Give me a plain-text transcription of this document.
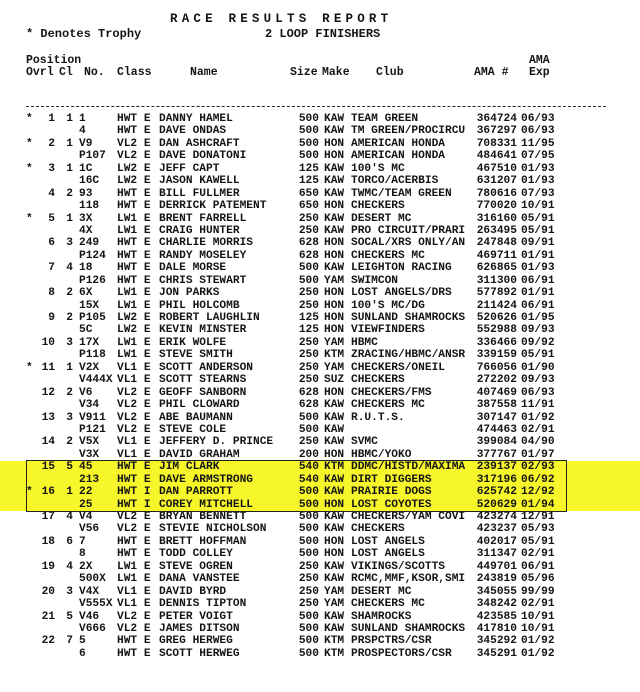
RACE RESULTS REPORT
* Denotes Trophy	2 LOOP FINISHERS
Position	AMA
Ovrl Cl No. Class	Name	Size Make Club	AMA # Exp
*	1	1 1	HWT E DANNY HAMEL	500 KAW TEAM GREEN	364724 06/93
4	HWT E DAVE ONDAS	500 KAW TM GREEN/PROCIRCU	367297 06/93
*	2	1 V9	VL2 E DAN ASHCRAFT	500 HON AMERICAN HONDA	708331 11/95
P107 VL2 E DAVE DONATONI	500 HON AMERICAN HONDA	484641 07/95
*	3	1 1C	LW2 E JEFF CAPT	125 KAW 100'S MC	467510 01/93
16C	LW2 E JASON KAWELL	125 KAW TORCO/ACERBIS	631207 01/93
4	2 93	HWT E BILL FULLMER	650 KAW TWMC/TEAM GREEN	780616 07/93
118	HWT E DERRICK PATEMENT	650 HON CHECKERS	770020 10/91
*	5	1 3X	LW1 E BRENT FARRELL	250 KAW DESERT MC	316160 05/91
4X	LW1 E CRAIG HUNTER	250 KAW PRO CIRCUIT/PRARI	263495 05/91
6	3 249	HWT E CHARLIE MORRIS	628 HON SOCAL/XRS ONLY/AN	247848 09/91
P124 HWT E RANDY MOSELEY	628 HON CHECKERS MC	469711 01/91
7	4 18	HWT E DALE MORSE	500 KAW LEIGHTON RACING	626865 01/93
P126 HWT E CHRIS STEWART	500 YAM SWIMCON	311300 06/91
8	2 6X	LW1 E JON PARKS	250 HON LOST ANGELS/DRS	577892 01/91
15X	LW1 E PHIL HOLCOMB	250 HON 100'S MC/DG	211424 06/91
9	2 P105 LW2 E ROBERT LAUGHLIN	125 HON SUNLAND SHAMROCKS	520626 01/95
5C	LW2 E KEVIN MINSTER	125 HON VIEWFINDERS	552988 09/93
10	3 17X	LW1 E ERIK WOLFE	250 YAM HBMC	336466 09/92
P118 LW1 E STEVE SMITH	250 KTM ZRACING/HBMC/ANSR	339159 05/91
* 11	1 V2X	VL1 E SCOTT ANDERSON	250 YAM CHECKERS/ONEIL	766056 01/90
V444X VL1 E SCOTT STEARNS	250 SUZ CHECKERS	272202 09/93
12	2 V6	VL2 E GEOFF SANBORN	628 HON CHECKERS/FMS	407469 06/93
V34	VL2 E PHIL CLOWARD	628 KAW CHECKERS MC	387558 11/91
13	3 V911 VL2 E ABE BAUMANN	500 KAW R.U.T.S.	307147 01/92
P121 VL2 E STEVE COLE	500 KAW	474463 02/91
14	2 V5X	VL1 E JEFFERY D. PRINCE	250 KAW SVMC	399084 04/90
V3X	VL1 E DAVID GRAHAM	200 HON HBMC/YOKO	377767 01/97
15	5 45	HWT E JIM CLARK	540 KTM DDMC/HISTD/MAXIMA	239137 02/93
213	HWT E DAVE ARMSTRONG	540 KAW DIRT DIGGERS	317196 06/92
* 16	1 22	HWT I DAN PARROTT	500 KAW PRAIRIE DOGS	625742 12/92
25	HWT I COREY MITCHELL	500 HON LOST COYOTES	520629 01/94
17	4 V4	VL2 E BRYAN BENNETT	500 KAW CHECKERS/YAM COVI	423274 12/91
V56	VL2 E STEVIE NICHOLSON	500 KAW CHECKERS	423237 05/93
18	6 7	HWT E BRETT HOFFMAN	500 HON LOST ANGELS	402017 05/91
8	HWT E TODD COLLEY	500 HON LOST ANGELS	311347 02/91
19	4 2X	LW1 E STEVE OGREN	250 KAW VIKINGS/SCOTTS	449701 06/91
500X LW1 E DANA VANSTEE	250 KAW RCMC,MMF,KSOR,SMI	243819 05/96
20	3 V4X	VL1 E DAVID BYRD	250 YAM DESERT MC	345055 99/99
V555X VL1 E DENNIS TIPTON	250 YAM CHECKERS MC	348242 02/91
21	5 V46	VL2 E PETER VOIGT	500 KAW SHAMROCKS	423585 10/91
V666 VL2 E JAMES DITSON	500 KAW SUNLAND SHAMROCKS	417810 10/91
22	7 5	HWT E GREG HERWEG	500 KTM PRSPCTRS/CSR	345292 01/92
6	HWT E SCOTT HERWEG	500 KTM PROSPECTORS/CSR	345291 01/92
